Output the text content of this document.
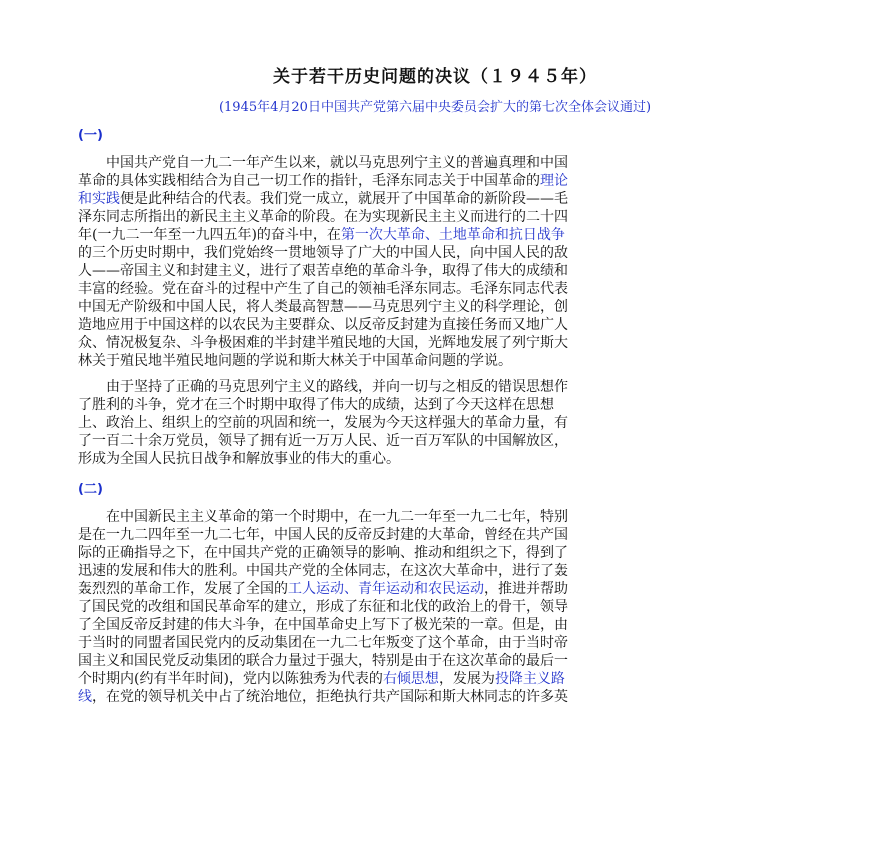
关于若干历史问题的决议（１９４５年）
(1945年4月20日中国共产党第六届中央委员会扩大的第七次全体会议通过)
(一)
中国共产党自一九二一年产生以来，就以马克思列宁主义的普遍真理和中国
革命的具体实践相结合为自己一切工作的指针，毛泽东同志关于中国革命的理论
和实践便是此种结合的代表。我们党一成立，就展开了中国革命的新阶段——毛
泽东同志所指出的新民主主义革命的阶段。在为实现新民主主义而进行的二十四
年(一九二一年至一九四五年)的奋斗中，在第一次大革命、土地革命和抗日战争
的三个历史时期中，我们党始终一贯地领导了广大的中国人民，向中国人民的敌
人——帝国主义和封建主义，进行了艰苦卓绝的革命斗争，取得了伟大的成绩和
丰富的经验。党在奋斗的过程中产生了自己的领袖毛泽东同志。毛泽东同志代表
中国无产阶级和中国人民，将人类最高智慧——马克思列宁主义的科学理论，创
造地应用于中国这样的以农民为主要群众、以反帝反封建为直接任务而又地广人
众、情况极复杂、斗争极困难的半封建半殖民地的大国，光辉地发展了列宁斯大
林关于殖民地半殖民地问题的学说和斯大林关于中国革命问题的学说。
由于坚持了正确的马克思列宁主义的路线，并向一切与之相反的错误思想作
了胜利的斗争，党才在三个时期中取得了伟大的成绩，达到了今天这样在思想
上、政治上、组织上的空前的巩固和统一，发展为今天这样强大的革命力量，有
了一百二十余万党员，领导了拥有近一万万人民、近一百万军队的中国解放区，
形成为全国人民抗日战争和解放事业的伟大的重心。
(二)
在中国新民主主义革命的第一个时期中，在一九二一年至一九二七年，特别
是在一九二四年至一九二七年，中国人民的反帝反封建的大革命，曾经在共产国
际的正确指导之下，在中国共产党的正确领导的影响、推动和组织之下，得到了
迅速的发展和伟大的胜利。中国共产党的全体同志，在这次大革命中，进行了轰
轰烈烈的革命工作，发展了全国的工人运动、青年运动和农民运动，推进并帮助
了国民党的改组和国民革命军的建立，形成了东征和北伐的政治上的骨干，领导
了全国反帝反封建的伟大斗争，在中国革命史上写下了极光荣的一章。但是，由
于当时的同盟者国民党内的反动集团在一九二七年叛变了这个革命，由于当时帝
国主义和国民党反动集团的联合力量过于强大，特别是由于在这次革命的最后一
个时期内(约有半年时间)，党内以陈独秀为代表的右倾思想，发展为投降主义路
线，在党的领导机关中占了统治地位，拒绝执行共产国际和斯大林同志的许多英
